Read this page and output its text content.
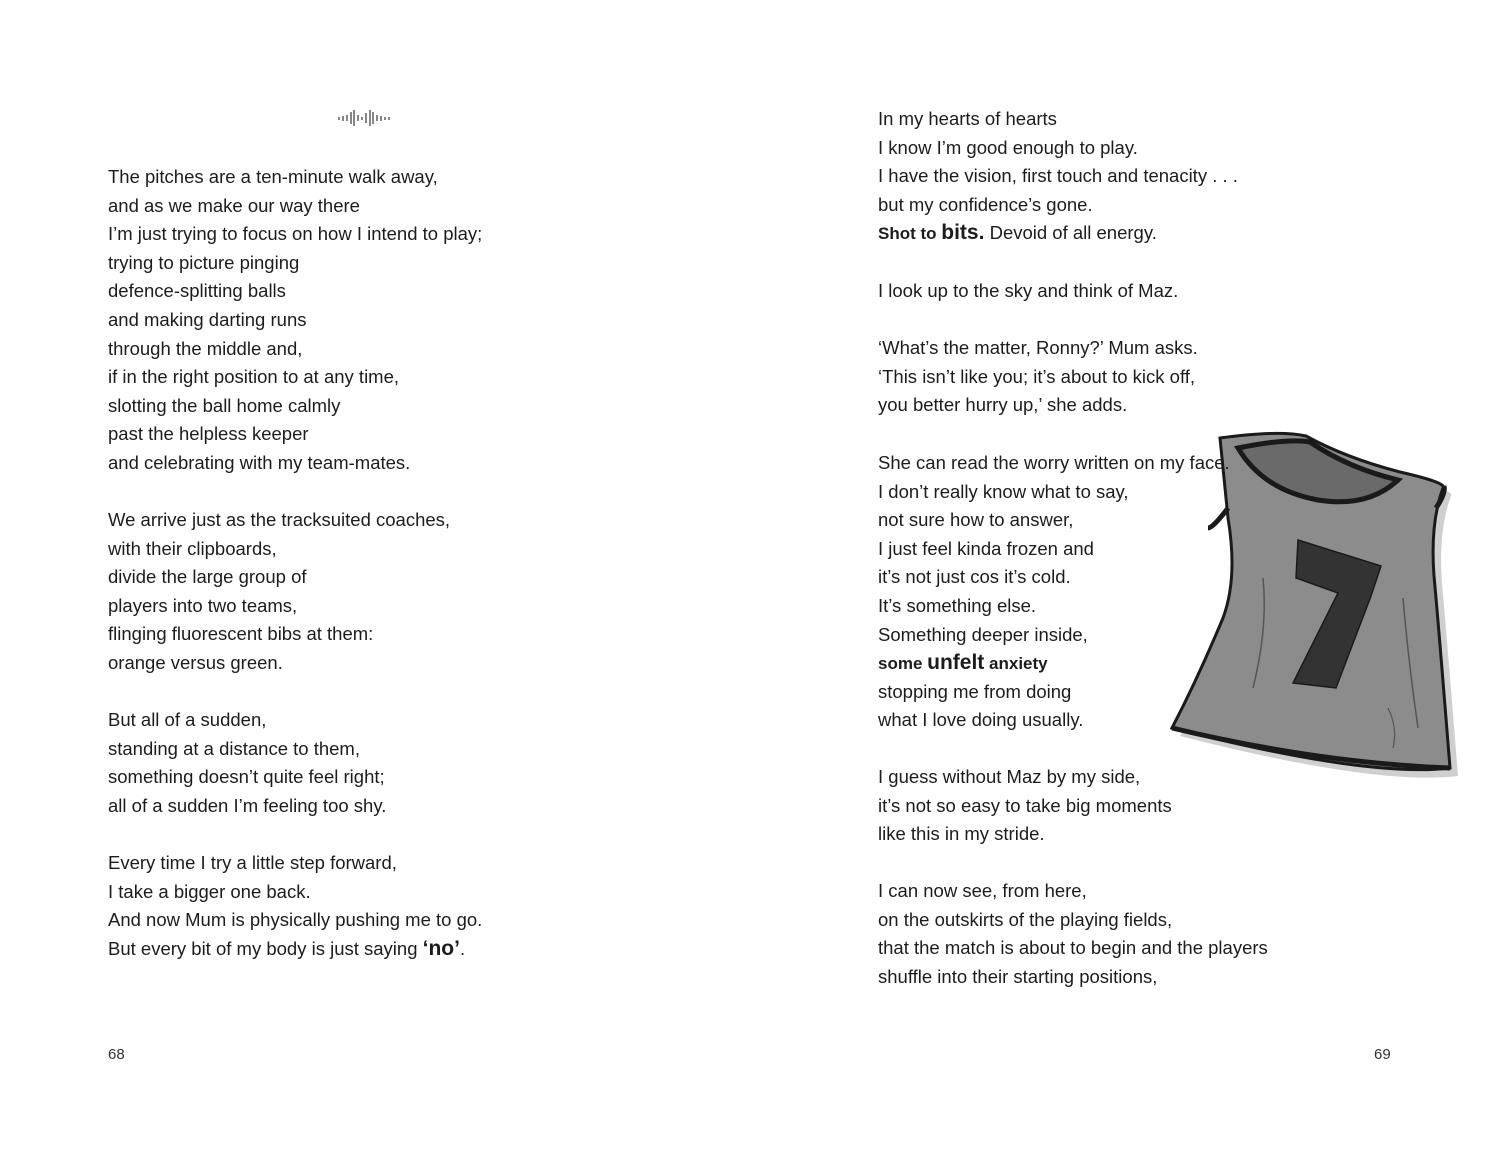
The pitches are a ten-minute walk away,
and as we make our way there
I’m just trying to focus on how I intend to play;
trying to picture pinging
defence-splitting balls
and making darting runs
through the middle and,
if in the right position to at any time,
slotting the ball home calmly
past the helpless keeper
and celebrating with my team-mates.
We arrive just as the tracksuited coaches,
with their clipboards,
divide the large group of
players into two teams,
flinging fluorescent bibs at them:
orange versus green.
But all of a sudden,
standing at a distance to them,
something doesn’t quite feel right;
all of a sudden I’m feeling too shy.
Every time I try a little step forward,
I take a bigger one back.
And now Mum is physically pushing me to go.
But every bit of my body is just saying ‘no’.
68
In my hearts of hearts
I know I’m good enough to play.
I have the vision, first touch and tenacity . . .
but my confidence’s gone.
Shot to bits. Devoid of all energy.
I look up to the sky and think of Maz.
‘What’s the matter, Ronny?’ Mum asks.
‘This isn’t like you; it’s about to kick off,
you better hurry up,’ she adds.
She can read the worry written on my face.
I don’t really know what to say,
not sure how to answer,
I just feel kinda frozen and
it’s not just cos it’s cold.
It’s something else.
Something deeper inside,
some unfelt anxiety
stopping me from doing
what I love doing usually.
I guess without Maz by my side,
it’s not so easy to take big moments
like this in my stride.
I can now see, from here,
on the outskirts of the playing fields,
that the match is about to begin and the players
shuffle into their starting positions,
69
